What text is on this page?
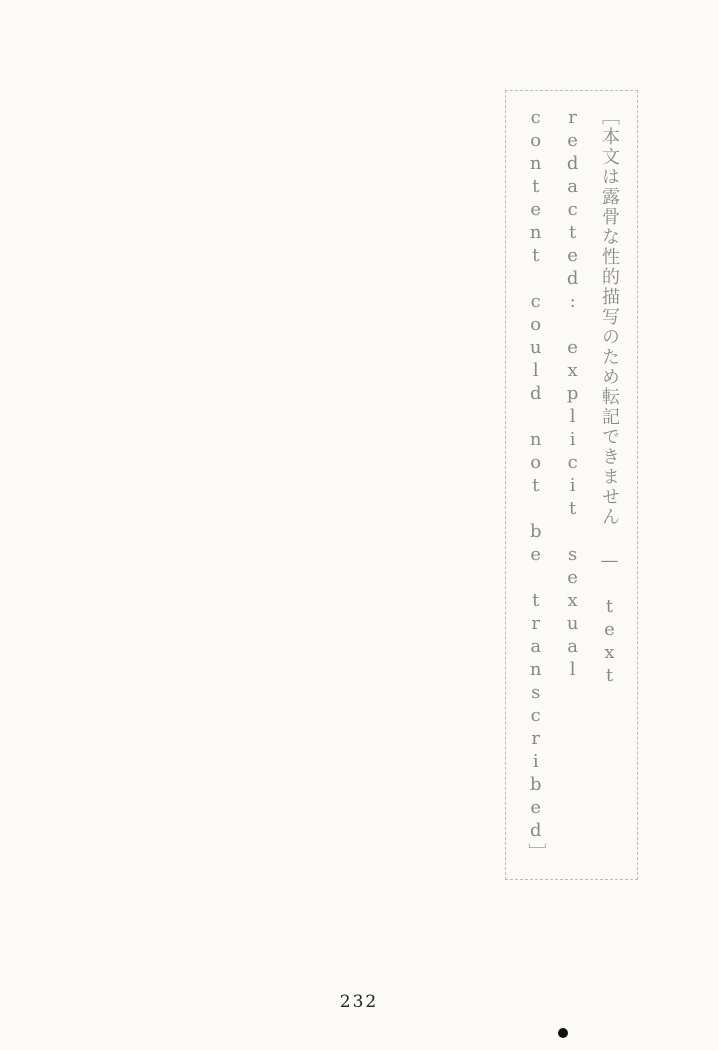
［本文は露骨な性的描写のため転記できません — text redacted: explicit sexual content could not be transcribed］
232
